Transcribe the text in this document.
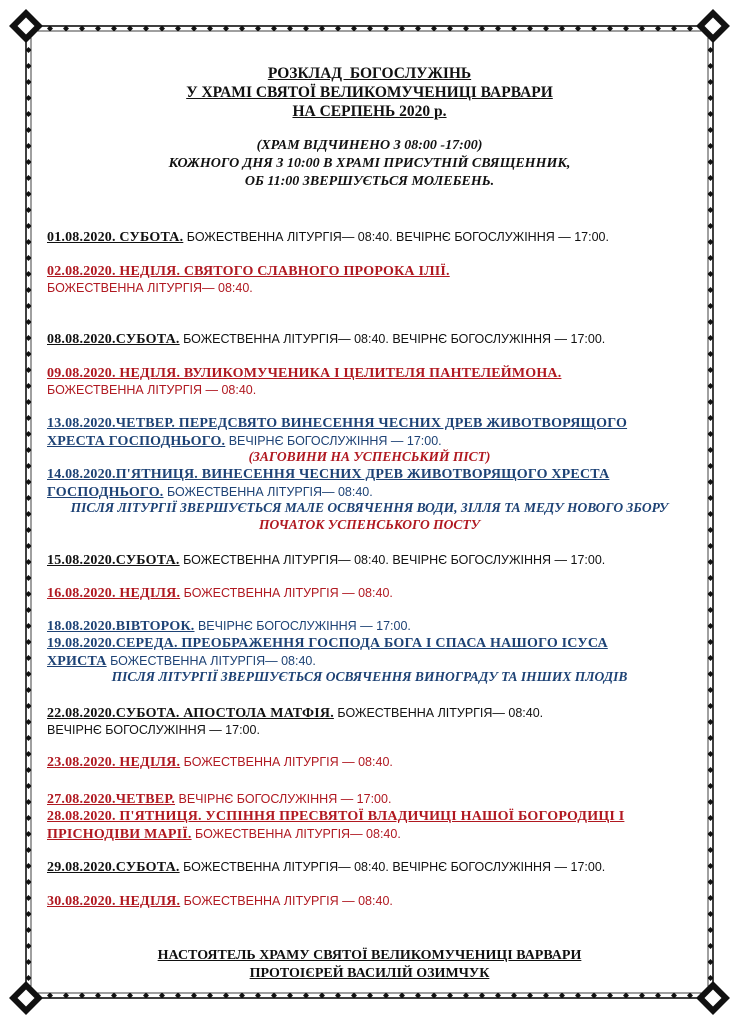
РОЗКЛАД  БОГОСЛУЖІНЬ
У ХРАМІ СВЯТОЇ ВЕЛИКОМУЧЕНИЦІ ВАРВАРИ
НА СЕРПЕНЬ 2020 р.
(ХРАМ ВІДЧИНЕНО З 08:00 -17:00)
КОЖНОГО ДНЯ З 10:00 В ХРАМІ ПРИСУТНІЙ СВЯЩЕННИК,
ОБ 11:00 ЗВЕРШУЄТЬСЯ МОЛЕБЕНЬ.
01.08.2020. СУБОТА. БОЖЕСТВЕННА ЛІТУРГІЯ— 08:40. ВЕЧІРНЄ БОГОСЛУЖІННЯ — 17:00.
02.08.2020. НЕДІЛЯ. СВЯТОГО СЛАВНОГО ПРОРОКА ІЛІЇ.
БОЖЕСТВЕННА ЛІТУРГІЯ— 08:40.
08.08.2020.СУБОТА. БОЖЕСТВЕННА ЛІТУРГІЯ— 08:40. ВЕЧІРНЄ БОГОСЛУЖІННЯ — 17:00.
09.08.2020. НЕДІЛЯ. ВУЛИКОМУЧЕНИКА І ЦЕЛИТЕЛЯ ПАНТЕЛЕЙМОНА.
БОЖЕСТВЕННА ЛІТУРГІЯ — 08:40.
13.08.2020.ЧЕТВЕР. ПЕРЕДСВЯТО ВИНЕСЕННЯ ЧЕСНИХ ДРЕВ ЖИВОТВОРЯЩОГО
ХРЕСТА ГОСПОДНЬОГО. ВЕЧІРНЄ БОГОСЛУЖІННЯ — 17:00.
(ЗАГОВИНИ НА УСПЕНСЬКИЙ ПІСТ)
14.08.2020.П'ЯТНИЦЯ. ВИНЕСЕННЯ ЧЕСНИХ ДРЕВ ЖИВОТВОРЯЩОГО ХРЕСТА
ГОСПОДНЬОГО. БОЖЕСТВЕННА ЛІТУРГІЯ— 08:40.
ПІСЛЯ ЛІТУРГІЇ ЗВЕРШУЄТЬСЯ МАЛЕ ОСВЯЧЕННЯ ВОДИ, ЗІЛЛЯ ТА МЕДУ НОВОГО ЗБОРУ
ПОЧАТОК УСПЕНСЬКОГО ПОСТУ
15.08.2020.СУБОТА. БОЖЕСТВЕННА ЛІТУРГІЯ— 08:40. ВЕЧІРНЄ БОГОСЛУЖІННЯ — 17:00.
16.08.2020. НЕДІЛЯ. БОЖЕСТВЕННА ЛІТУРГІЯ — 08:40.
18.08.2020.ВІВТОРОК. ВЕЧІРНЄ БОГОСЛУЖІННЯ — 17:00.
19.08.2020.СЕРЕДА. ПРЕОБРАЖЕННЯ ГОСПОДА БОГА І СПАСА НАШОГО ІСУСА
ХРИСТА БОЖЕСТВЕННА ЛІТУРГІЯ— 08:40.
ПІСЛЯ ЛІТУРГІЇ ЗВЕРШУЄТЬСЯ ОСВЯЧЕННЯ ВИНОГРАДУ ТА ІНШИХ ПЛОДІВ
22.08.2020.СУБОТА. АПОСТОЛА МАТФІЯ. БОЖЕСТВЕННА ЛІТУРГІЯ— 08:40.
ВЕЧІРНЄ БОГОСЛУЖІННЯ — 17:00.
23.08.2020. НЕДІЛЯ. БОЖЕСТВЕННА ЛІТУРГІЯ — 08:40.
27.08.2020.ЧЕТВЕР. ВЕЧІРНЄ БОГОСЛУЖІННЯ — 17:00.
28.08.2020. П'ЯТНИЦЯ. УСПІННЯ ПРЕСВЯТОЇ ВЛАДИЧИЦІ НАШОЇ БОГОРОДИЦІ І
ПРІСНОДІВИ МАРІЇ. БОЖЕСТВЕННА ЛІТУРГІЯ— 08:40.
29.08.2020.СУБОТА. БОЖЕСТВЕННА ЛІТУРГІЯ— 08:40. ВЕЧІРНЄ БОГОСЛУЖІННЯ — 17:00.
30.08.2020. НЕДІЛЯ. БОЖЕСТВЕННА ЛІТУРГІЯ — 08:40.
НАСТОЯТЕЛЬ ХРАМУ СВЯТОЇ ВЕЛИКОМУЧЕНИЦІ ВАРВАРИ
ПРОТОІЄРЕЙ ВАСИЛІЙ ОЗИМЧУК
